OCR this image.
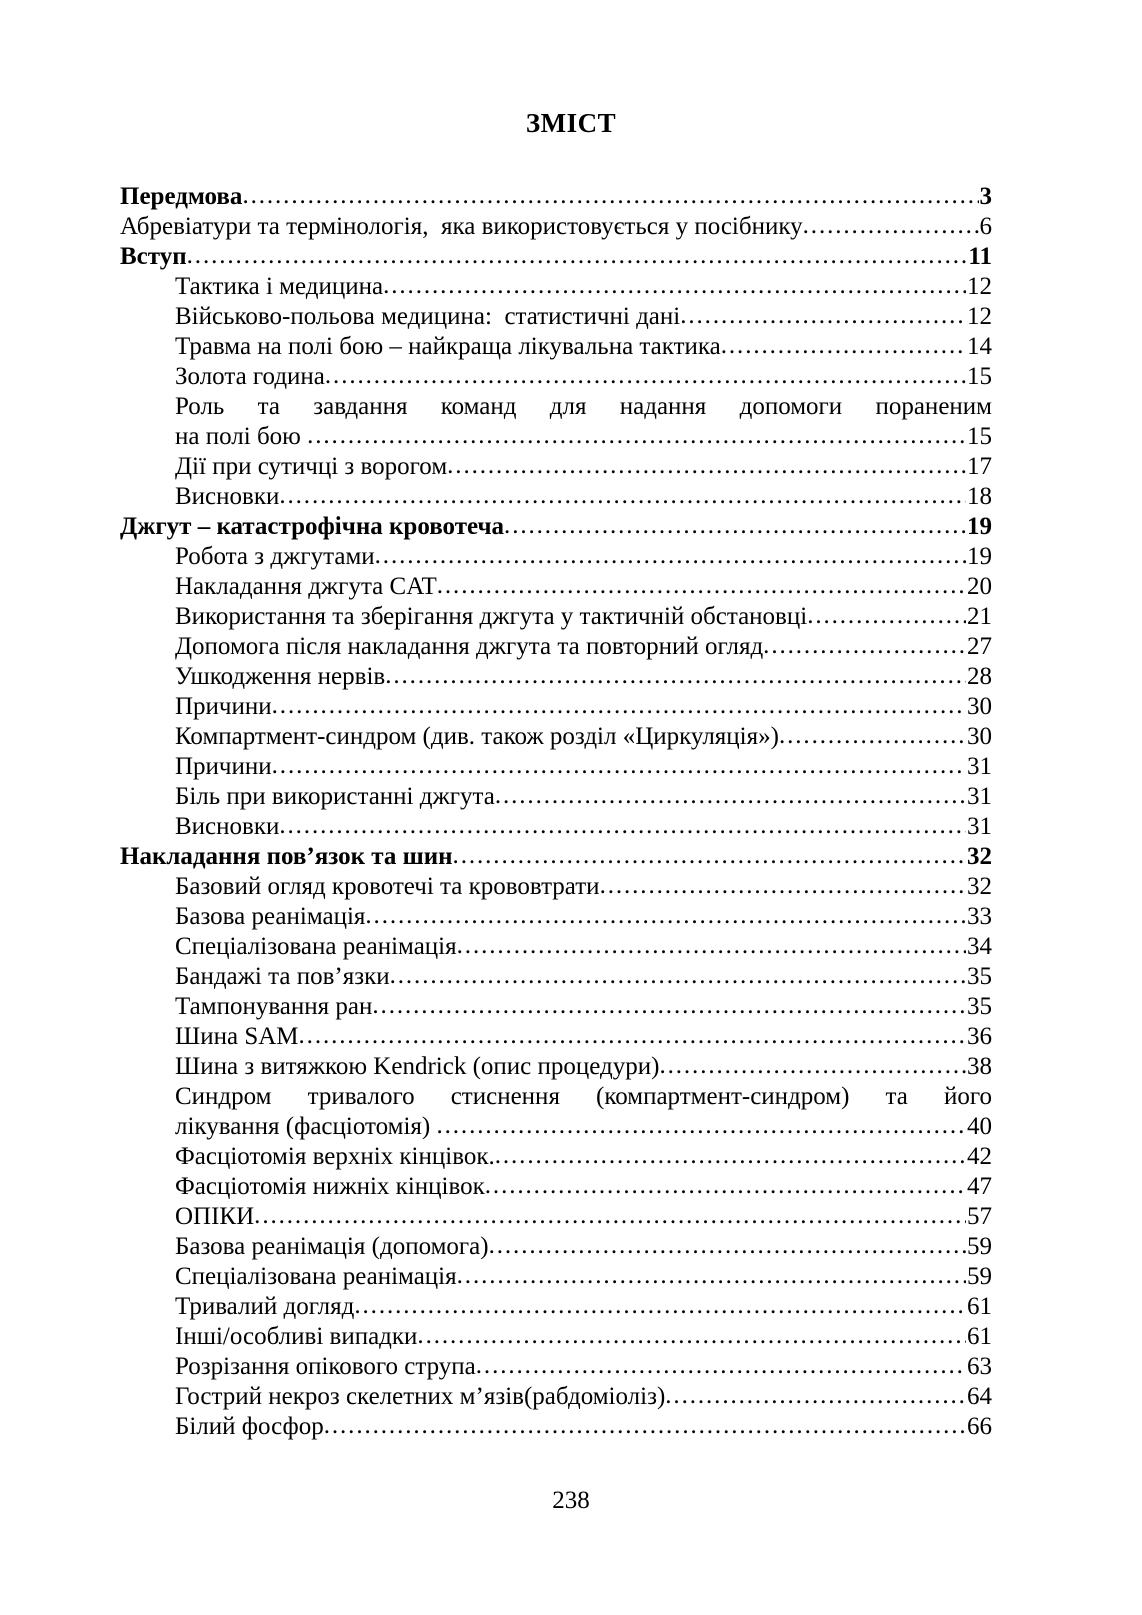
ЗМІСТ
Передмова .....	3
Абревіатури та термінологія,  яка використовується у посібнику .....	6
Вступ .....	11
Тактика і медицина .....	12
Військово-польова медицина:  статистичні дані .....	12
Травма на полі бою – найкраща лікувальна тактика .....	14
Золота година .....	15
Роль та завдання команд для надання допомоги пораненим
на полі бою .....	15
Дії при сутичці з ворогом .....	17
Висновки .....	18
Джгут – катастрофічна кровотеча .....	19
Робота з джгутами .....	19
Накладання джгута CAT .....	20
Використання та зберігання джгута у тактичній обстановці .....	21
Допомога після накладання джгута та повторний огляд .....	27
Ушкодження нервів .....	28
Причини .....	30
Компартмент-синдром (див. також розділ «Циркуляція») .....	30
Причини .....	31
Біль при використанні джгута .....	31
Висновки .....	31
Накладання пов’язок та шин .....	32
Базовий огляд кровотечі та крововтрати .....	32
Базова реанімація .....	33
Спеціалізована реанімація .....	34
Бандажі та пов’язки .....	35
Тампонування ран .....	35
Шина SAM .....	36
Шина з витяжкою Kendrick (опис процедури) .....	38
Синдром тривалого стиснення (компартмент-синдром) та його
лікування (фасціотомія) .....	40
Фасціотомія верхніх кінцівок. .....	42
Фасціотомія нижніх кінцівок .....	47
ОПІКИ .....	57
Базова реанімація (допомога) .....	59
Спеціалізована реанімація .....	59
Тривалий догляд .....	61
Інші/особливі випадки .....	61
Розрізання опікового струпа .....	63
Гострий некроз скелетних м’язів(рабдоміоліз) .....	64
Білий фосфор .....	66
238
